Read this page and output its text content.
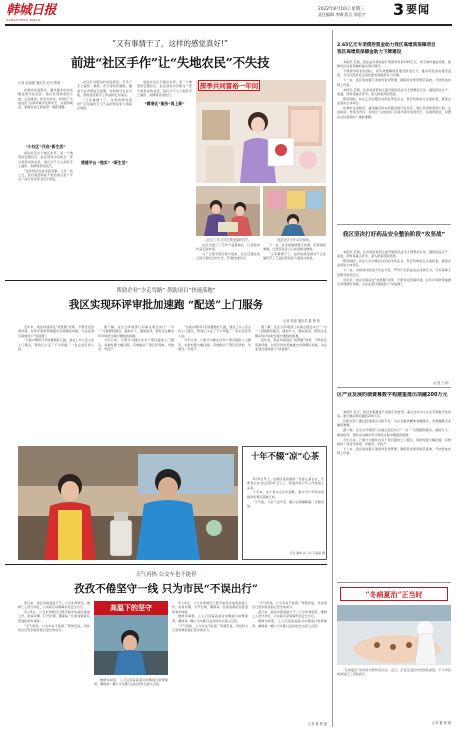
韩城日报
GANGCHENG RIBAO
2022年8月10日 星期三
责任编辑 李娜 版式 郭思宇 3 要闻
“又有事情干了，这样的感觉真好!”
前进“社区手作”让“失地农民”不失技
记者 赵丽娜 通讯员 赵丹 鲁燕

在城市化进程中，越来越多的农民搬进现代化社区。他们告别熟悉的土地，走进楼房，转变为市民。如何让“失地农民”在新环境中发挥所长、实现再就业，是摆在社区面前的一道新课题。

“小社区”开启“新生活”

前进社区位于城区东部，是一个典型的安置社区。社区居民中有相当一部分是原来的农民，他们中不少人拥有手工编织、刺绣等传统技艺。

“这些居民在家闲着没事，又有一技之长，我们就想着能不能给他们搭个平台。”社区党支部书记介绍说。

社区针对居民的实际情况，开设了手工编织、剪纸、布艺等特色课程，邀请专业老师进行授课，并积极与企业对接，帮助居民将手工作品转化为商品。

“又有事情干了，这样的感觉真好!”正在编织手工艺品的居民张大姐高兴地说。

搭建平台 “做实” “新生活”

前进社区位于城区东部，是一个典型的安置社区。社区居民中有相当一部分是原来的农民，他们中不少人拥有手工编织、刺绣等传统技艺。

“精准化”服务“再上新”
探季共同富裕一年间
△社区工作人员在教授编织技艺。	前进社区手作活动现场。

社区还建立了手作产品展销区，让居民的作品走进市场。

为了让更多居民参与进来，社区还通过线上线下相结合的方式，开展技能培训。

下一步，社区将继续整合资源，拓宽销售渠道，让居民在家门口实现就业增收。

“又有事情干了，这样的感觉真好!”正在编织手工艺品的居民张大姐高兴地说。

2.65亿元专项债券资金助力我区高增质保障项目
我区高增质保障金助力下牌建设

本报讯 近期，我区成功争取到专项债券资金2.65亿元，用于城市基础设施、保障性住房等领域的重点项目建设。

专项债券资金的到位，将有效缓解项目建设资金压力，推动项目加快建设进度，为全区经济社会高质量发展提供有力支撑。

下一步，我区将加强专项债券资金管理，确保资金使用规范高效，尽快形成实物工作量。

本报讯 近期，区市场监管局全面开展药品安全专项整治行动，围绕药品生产、流通、使用等重点环节，深入排查风险隐患。

整治期间，执法人员对辖区内药品零售企业、医疗机构进行全面检查，督促企业落实主体责任。

在城市化进程中，越来越多的农民搬进现代化社区。他们告别熟悉的土地，走进楼房，转变为市民。如何让“失地农民”在新环境中发挥所长、实现再就业，是摆在社区面前的一道新课题。

我区坚决打好药品安全整治阶段“攻坚战”

本报讯 近期，区市场监管局全面开展药品安全专项整治行动，围绕药品生产、流通、使用等重点环节，深入排查风险隐患。

整治期间，执法人员对辖区内药品零售企业、医疗机构进行全面检查，督促企业落实主体责任。

下一步，该局将持续加大执法力度，严厉打击药品违法违规行为，切实保障人民群众用药安全。

近年来，我区持续深化“放管服”改革，不断优化营商环境，在环评审批领域推出多项便民举措，为企业项目落地按下“快进键”。

（记者 王涛）
帮助企业“少走弯路” 帮助项目“快速落地”
我区实现环评审批加速跑 “配送”上门服务
记者 张聪 通讯员 董 鲁 黄

近年来，我区持续深化“放管服”改革，不断优化营商环境，在环评审批领域推出多项便民举措，为企业项目落地按下“快进键”。

“以前办理环评手续要跑好几趟，现在工作人员主动上门服务，帮我们少走了不少弯路。”一家企业负责人说。

据了解，区生态环境部门对重点项目实行“一对一”全程跟踪服务，提前介入、靠前指导，帮助企业解决环评审批过程中遇到的困难。

今年以来，已累计为辖区内多个项目提供上门服务，审批时限大幅压缩，有效推动了项目早落地、早建设、早投产。

“以前办理环评手续要跑好几趟，现在工作人员主动上门服务，帮我们少走了不少弯路。”一家企业负责人说。

今年以来，已累计为辖区内多个项目提供上门服务，审批时限大幅压缩，有效推动了项目早落地、早建设、早投产。

据了解，区生态环境部门对重点项目实行“一对一”全程跟踪服务，提前介入、靠前指导，帮助企业解决环评审批过程中遇到的困难。

近年来，我区持续深化“放管服”改革，不断优化营商环境，在环评审批领域推出多项便民举措，为企业项目落地按下“快进键”。

十年不辍“凉”心茶

8月9日早上，在城区某街道的一处爱心茶水点，志愿者正在为过往的环卫工人、快递员等户外工作者送上凉茶。

十年来，这个茶水点从未间断，累计为户外劳动者提供免费凉茶数万杯。

“天气热，大家干活辛苦，喝口凉茶解解暑。”志愿者说。

记者 谢杨 实习生 王丽丽 摄
区产业发展的债费募数字构建重推出项融200万元

本报讯 近日，我区积极推进产业数字化转型，重点支持中小企业开展数字化改造，累计推动项目融资200万元。

区相关部门通过搭建银企对接平台，为企业提供精准金融服务，有效缓解企业融资难题。

据了解，区生态环境部门对重点项目实行“一对一”全程跟踪服务，提前介入、靠前指导，帮助企业解决环评审批过程中遇到的困难。

今年以来，已累计为辖区内多个项目提供上门服务，审批时限大幅压缩，有效推动了项目早落地、早建设、早投产。

下一步，我区将加强专项债券资金管理，确保资金使用规范高效，尽快形成实物工作量。

天气再热 公交车也不能停
孜孜不倦坚守一线 只为市民“不误出行”

连日来，我区持续高温天气，公交车驾驶员、维修工人坚守岗位，以实际行动保障市民安全出行。

早上6点，公交车驾驶员已经开始发车前的准备工作，检查车辆、打开空调，确保每一位乘客都能有舒适的乘车体验。

“天气再热，公交车也不能停。”驾驶员说，市民的出行需求就是他们坚守的动力。

高温下的坚守

维修车间里，工人们顶着高温对车辆进行检修保养，确保每一辆公交车都以良好的状态投入运营。

早上6点，公交车驾驶员已经开始发车前的准备工作，检查车辆、打开空调，确保每一位乘客都能有舒适的乘车体验。

维修车间里，工人们顶着高温对车辆进行检修保养，确保每一辆公交车都以良好的状态投入运营。

“天气再热，公交车也不能停。”驾驶员说，市民的出行需求就是他们坚守的动力。

“天气再热，公交车也不能停。”驾驶员说，市民的出行需求就是他们坚守的动力。

连日来，我区持续高温天气，公交车驾驶员、维修工人坚守岗位，以实际行动保障市民安全出行。

维修车间里，工人们顶着高温对车辆进行检修保养，确保每一辆公交车都以良好的状态投入运营。

记者 董 鲁 摄
“冬病夏治”正当时

“冬病夏治”是传统中医特色疗法。近日，记者走进区中医医院看到，不少市民前来进行三伏贴治疗。

记者 董 鲁 摄
